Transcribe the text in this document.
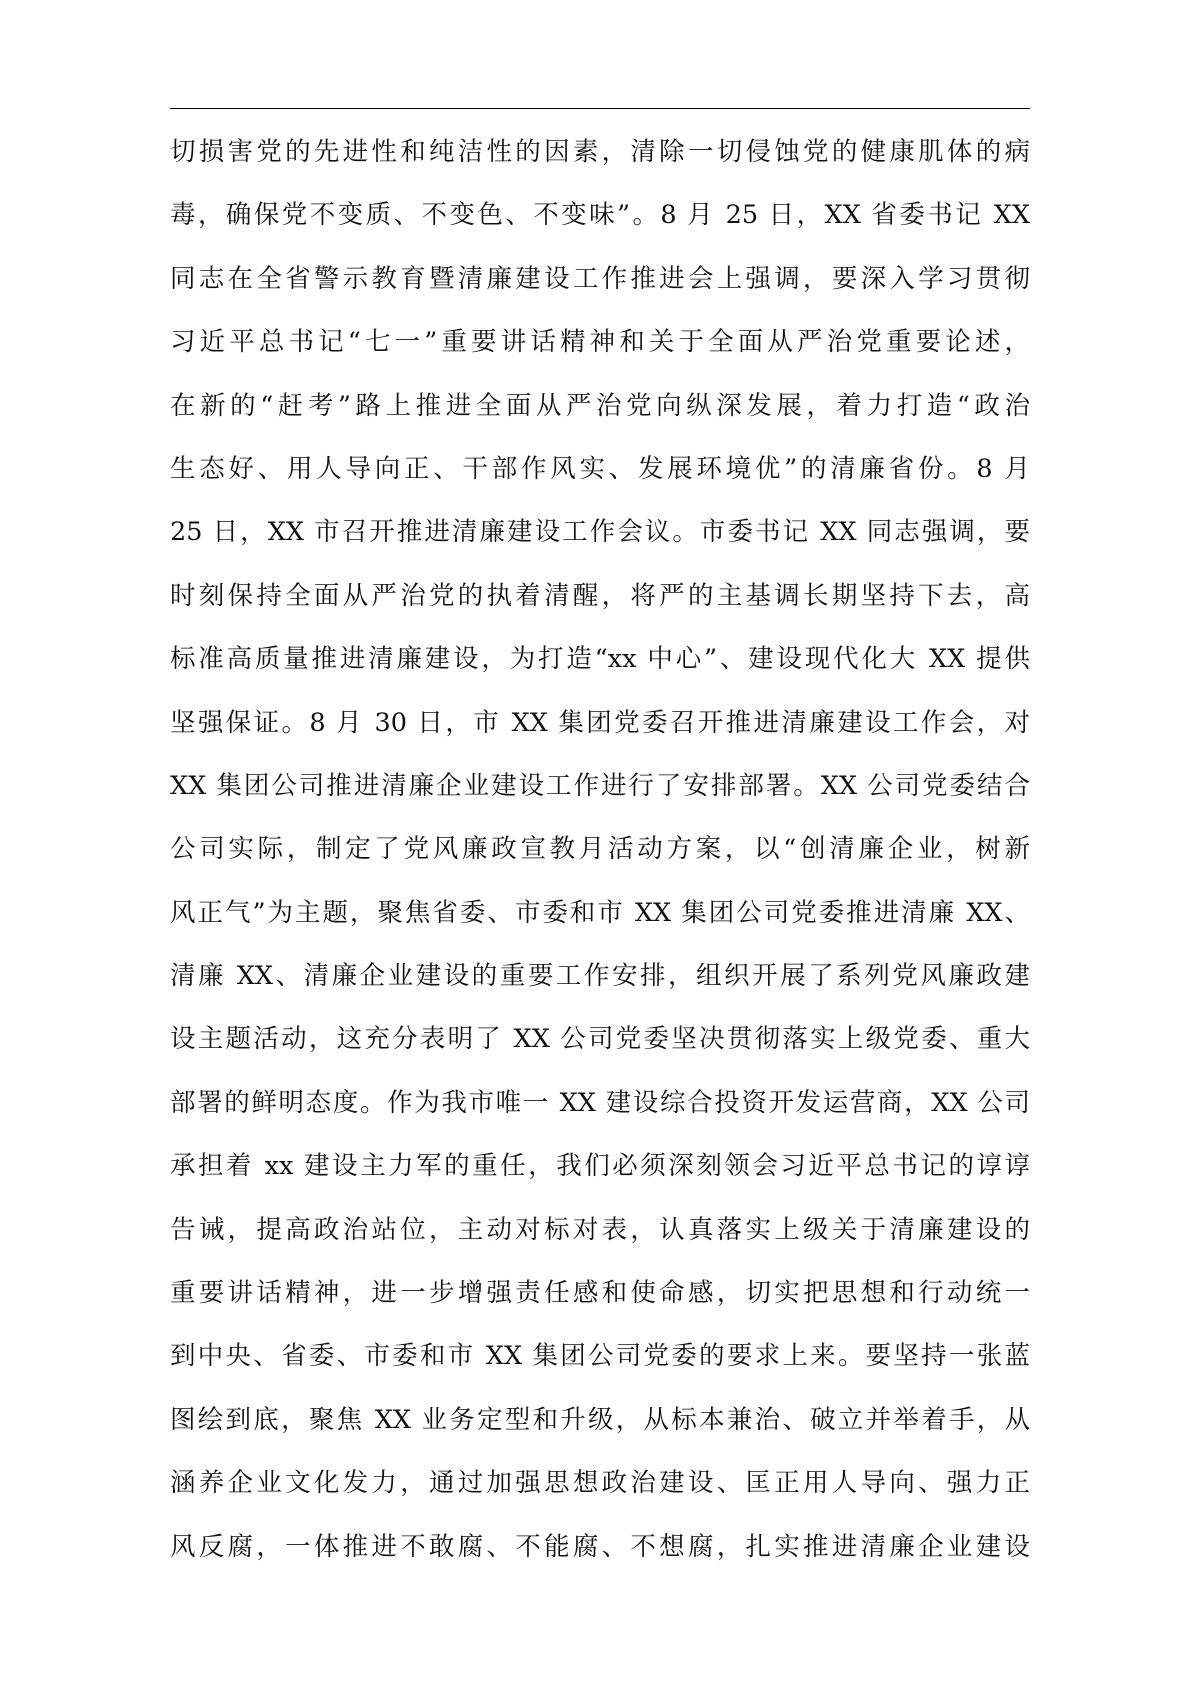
切损害党的先进性和纯洁性的因素，清除一切侵蚀党的健康肌体的病
毒，确保党不变质、不变色、不变味”。8 月 25 日，XX 省委书记 XX
同志在全省警示教育暨清廉建设工作推进会上强调，要深入学习贯彻
习近平总书记“七一”重要讲话精神和关于全面从严治党重要论述，
在新的“赶考”路上推进全面从严治党向纵深发展，着力打造“政治
生态好、用人导向正、干部作风实、发展环境优”的清廉省份。8 月
25 日，XX 市召开推进清廉建设工作会议。市委书记 XX 同志强调，要
时刻保持全面从严治党的执着清醒，将严的主基调长期坚持下去，高
标准高质量推进清廉建设，为打造“xx 中心”、建设现代化大 XX 提供
坚强保证。8 月 30 日，市 XX 集团党委召开推进清廉建设工作会，对
XX 集团公司推进清廉企业建设工作进行了安排部署。XX 公司党委结合
公司实际，制定了党风廉政宣教月活动方案，以“创清廉企业，树新
风正气”为主题，聚焦省委、市委和市 XX 集团公司党委推进清廉 XX、
清廉 XX、清廉企业建设的重要工作安排，组织开展了系列党风廉政建
设主题活动，这充分表明了 XX 公司党委坚决贯彻落实上级党委、重大
部署的鲜明态度。作为我市唯一 XX 建设综合投资开发运营商，XX 公司
承担着 xx 建设主力军的重任，我们必须深刻领会习近平总书记的谆谆
告诫，提高政治站位，主动对标对表，认真落实上级关于清廉建设的
重要讲话精神，进一步增强责任感和使命感，切实把思想和行动统一
到中央、省委、市委和市 XX 集团公司党委的要求上来。要坚持一张蓝
图绘到底，聚焦 XX 业务定型和升级，从标本兼治、破立并举着手，从
涵养企业文化发力，通过加强思想政治建设、匡正用人导向、强力正
风反腐，一体推进不敢腐、不能腐、不想腐，扎实推进清廉企业建设
